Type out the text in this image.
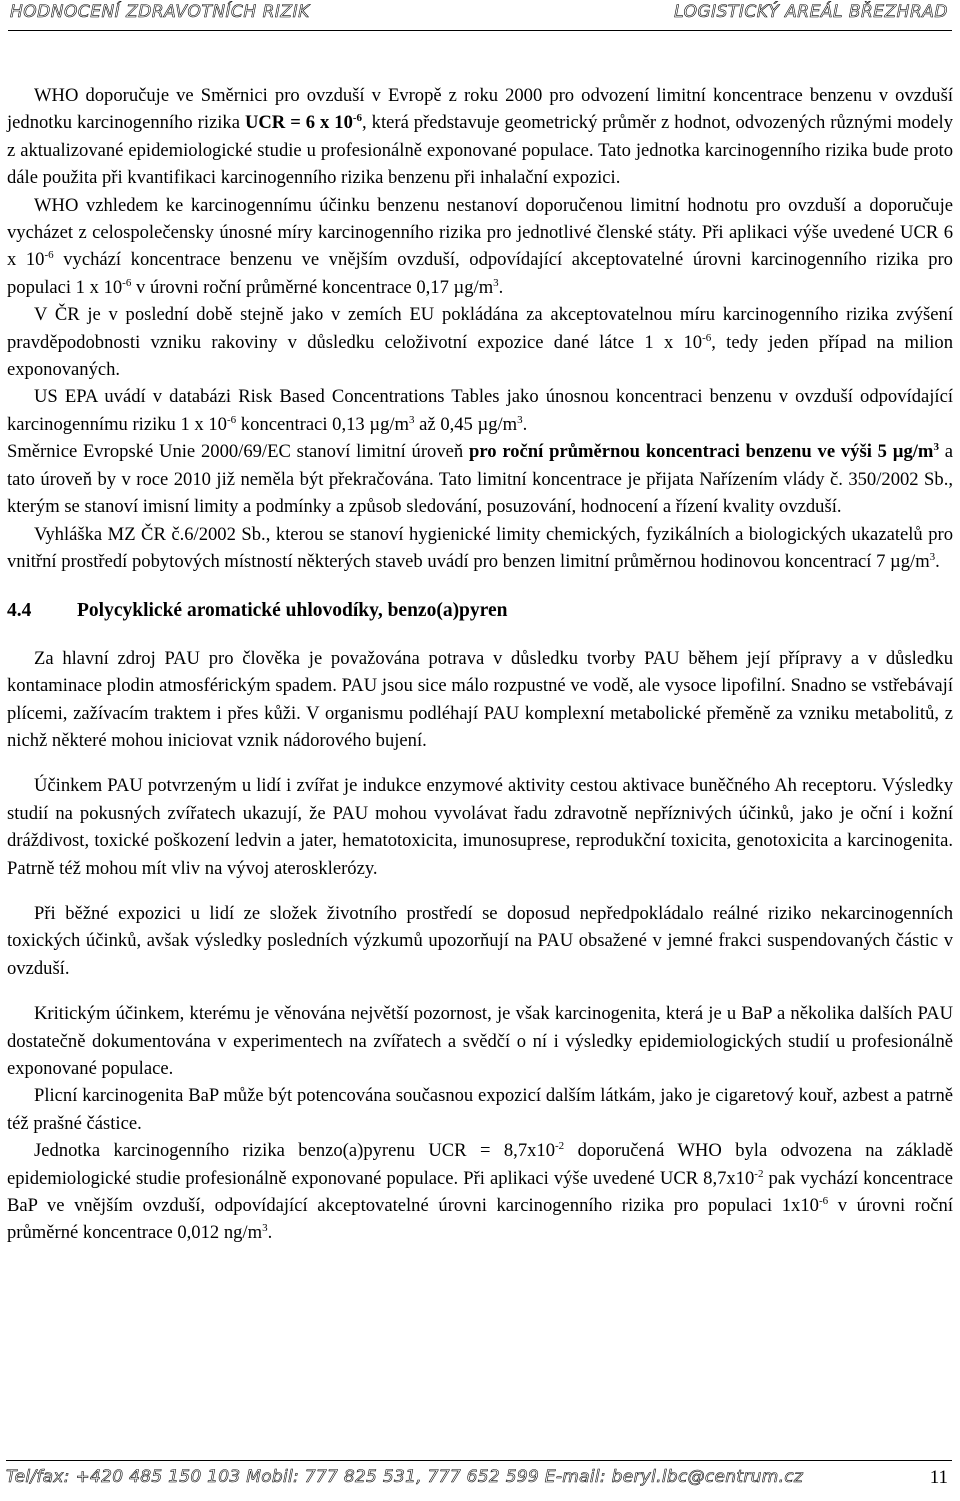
HODNOCENÍ ZDRAVOTNÍCH RIZIK	LOGISTICKÝ AREÁL BŘEZHRAD

WHO doporučuje ve Směrnici pro ovzduší v Evropě z roku 2000 pro odvození limitní koncentrace benzenu v ovzduší jednotku karcinogenního rizika UCR = 6 x $10^{-6}$, která představuje geometrický průměr z hodnot, odvozených různými modely z aktualizované epidemiologické studie u profesionálně exponované populace. Tato jednotka karcinogenního rizika bude proto dále použita při kvantifikaci karcinogenního rizika benzenu při inhalační expozici.

WHO vzhledem ke karcinogennímu účinku benzenu nestanoví doporučenou limitní hodnotu pro ovzduší a doporučuje vycházet z celospolečensky únosné míry karcinogenního rizika pro jednotlivé členské státy. Při aplikaci výše uvedené UCR 6 x $10^{-6}$ vychází koncentrace benzenu ve vnějším ovzduší, odpovídající akceptovatelné úrovni karcinogenního rizika pro populaci 1 x $10^{-6}$ v úrovni roční průměrné koncentrace 0,17 $\mu g/m^3$.

V ČR je v poslední době stejně jako v zemích EU pokládána za akceptovatelnou míru karcinogenního rizika zvýšení pravděpodobnosti vzniku rakoviny v důsledku celoživotní expozice dané látce 1 x $10^{-6}$, tedy jeden případ na milion exponovaných.

US EPA uvádí v databázi Risk Based Concentrations Tables jako únosnou koncentraci benzenu v ovzduší odpovídající karcinogennímu riziku 1 x $10^{-6}$ koncentraci 0,13 $\mu g/m^3$ až 0,45 $\mu g/m^3$.

Směrnice Evropské Unie 2000/69/EC stanoví limitní úroveň pro roční průměrnou koncentraci benzenu ve výši 5 $\mu g/m^3$ a tato úroveň by v roce 2010 již neměla být překračována. Tato limitní koncentrace je přijata Nařízením vlády č. 350/2002 Sb., kterým se stanoví imisní limity a podmínky a způsob sledování, posuzování, hodnocení a řízení kvality ovzduší.

Vyhláška MZ ČR č.6/2002 Sb., kterou se stanoví hygienické limity chemických, fyzikálních a biologických ukazatelů pro vnitřní prostředí pobytových místností některých staveb uvádí pro benzen limitní průměrnou hodinovou koncentrací 7 $\mu g/m^3$.

4.4 Polycyklické aromatické uhlovodíky, benzo(a)pyren

Za hlavní zdroj PAU pro člověka je považována potrava v důsledku tvorby PAU během její přípravy a v důsledku kontaminace plodin atmosférickým spadem. PAU jsou sice málo rozpustné ve vodě, ale vysoce lipofilní. Snadno se vstřebávají plícemi, zažívacím traktem i přes kůži. V organismu podléhají PAU komplexní metabolické přeměně za vzniku metabolitů, z nichž některé mohou iniciovat vznik nádorového bujení.

Účinkem PAU potvrzeným u lidí i zvířat je indukce enzymové aktivity cestou aktivace buněčného Ah receptoru. Výsledky studií na pokusných zvířatech ukazují, že PAU mohou vyvolávat řadu zdravotně nepříznivých účinků, jako je oční i kožní dráždivost, toxické poškození ledvin a jater, hematotoxicita, imunosuprese, reprodukční toxicita, genotoxicita a karcinogenita. Patrně též mohou mít vliv na vývoj aterosklerózy.

Při běžné expozici u lidí ze složek životního prostředí se doposud nepředpokládalo reálné riziko nekarcinogenních toxických účinků, avšak výsledky posledních výzkumů upozorňují na PAU obsažené v jemné frakci suspendovaných částic v ovzduší.

Kritickým účinkem, kterému je věnována největší pozornost, je však karcinogenita, která je u BaP a několika dalších PAU dostatečně dokumentována v experimentech na zvířatech a svědčí o ní i výsledky epidemiologických studií u profesionálně exponované populace.

Plicní karcinogenita BaP může být potencována současnou expozicí dalším látkám, jako je cigaretový kouř, azbest a patrně též prašné částice.

Jednotka karcinogenního rizika benzo(a)pyrenu UCR = $8,7x10^{-2}$ doporučená WHO byla odvozena na základě epidemiologické studie profesionálně exponované populace. Při aplikaci výše uvedené UCR $8,7x10^{-2}$ pak vychází koncentrace BaP ve vnějším ovzduší, odpovídající akceptovatelné úrovni karcinogenního rizika pro populaci $1x10^{-6}$ v úrovni roční průměrné koncentrace 0,012 $ng/m^3$.

Tel/fax: +420 485 150 103 Mobil: 777 825 531, 777 652 599 E-mail: beryl.lbc@centrum.cz	11
